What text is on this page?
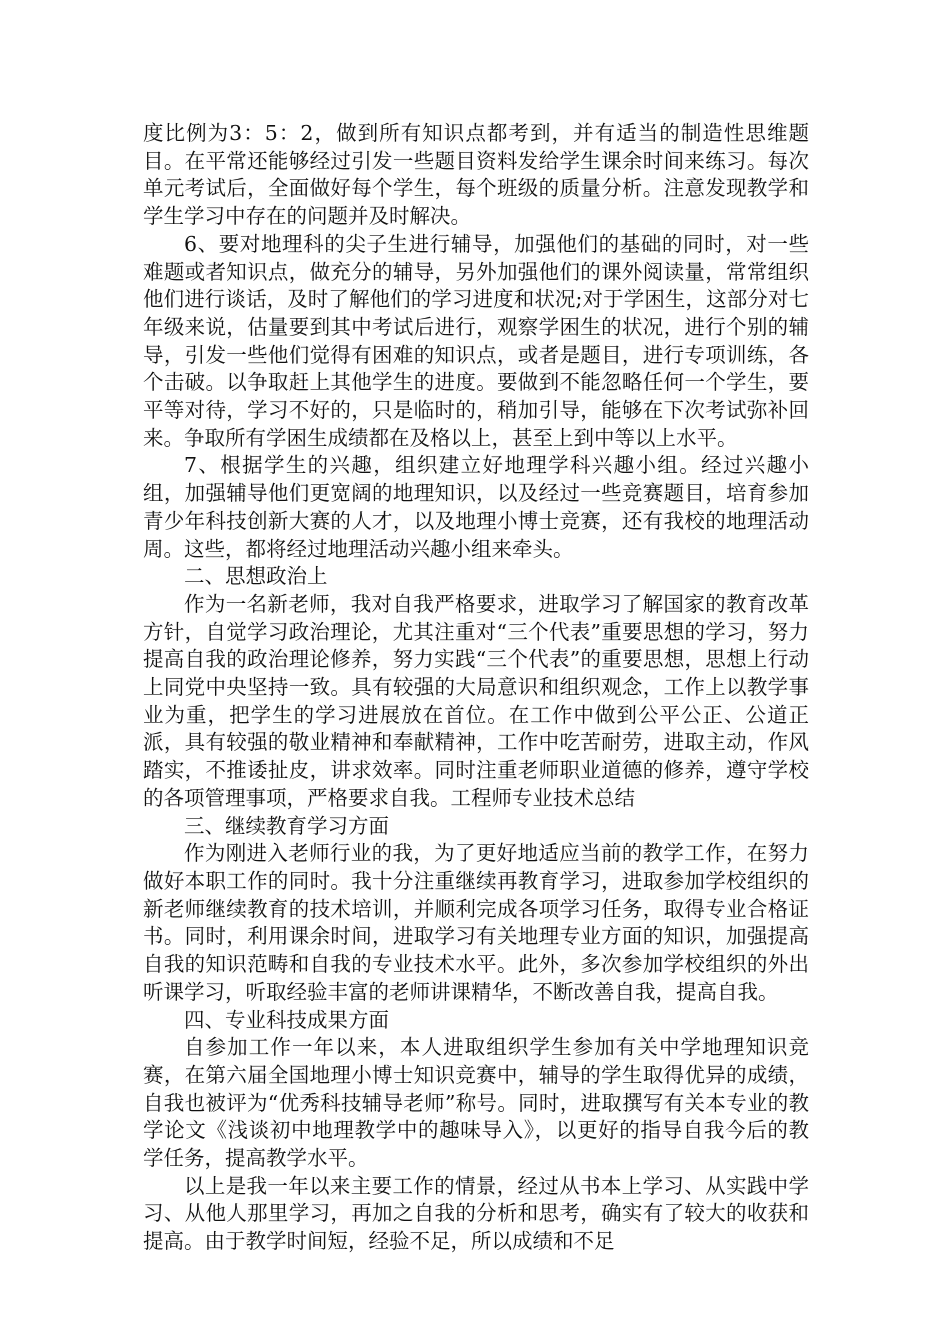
度比例为3：5：2，做到所有知识点都考到，并有适当的制造性思维题目。在平常还能够经过引发一些题目资料发给学生课余时间来练习。每次单元考试后，全面做好每个学生，每个班级的质量分析。注意发现教学和学生学习中存在的问题并及时解决。

6、要对地理科的尖子生进行辅导，加强他们的基础的同时，对一些难题或者知识点，做充分的辅导，另外加强他们的课外阅读量，常常组织他们进行谈话，及时了解他们的学习进度和状况;对于学困生，这部分对七年级来说，估量要到其中考试后进行，观察学困生的状况，进行个别的辅导，引发一些他们觉得有困难的知识点，或者是题目，进行专项训练，各个击破。以争取赶上其他学生的进度。要做到不能忽略任何一个学生，要平等对待，学习不好的，只是临时的，稍加引导，能够在下次考试弥补回来。争取所有学困生成绩都在及格以上，甚至上到中等以上水平。

7、根据学生的兴趣，组织建立好地理学科兴趣小组。经过兴趣小组，加强辅导他们更宽阔的地理知识，以及经过一些竞赛题目，培育参加青少年科技创新大赛的人才，以及地理小博士竞赛，还有我校的地理活动周。这些，都将经过地理活动兴趣小组来牵头。

二、思想政治上

作为一名新老师，我对自我严格要求，进取学习了解国家的教育改革方针，自觉学习政治理论，尤其注重对“三个代表”重要思想的学习，努力提高自我的政治理论修养，努力实践“三个代表”的重要思想，思想上行动上同党中央坚持一致。具有较强的大局意识和组织观念，工作上以教学事业为重，把学生的学习进展放在首位。在工作中做到公平公正、公道正派，具有较强的敬业精神和奉献精神，工作中吃苦耐劳，进取主动，作风踏实，不推诿扯皮，讲求效率。同时注重老师职业道德的修养，遵守学校的各项管理事项，严格要求自我。工程师专业技术总结

三、继续教育学习方面

作为刚进入老师行业的我，为了更好地适应当前的教学工作，在努力做好本职工作的同时。我十分注重继续再教育学习，进取参加学校组织的新老师继续教育的技术培训，并顺利完成各项学习任务，取得专业合格证书。同时，利用课余时间，进取学习有关地理专业方面的知识，加强提高自我的知识范畴和自我的专业技术水平。此外，多次参加学校组织的外出听课学习，听取经验丰富的老师讲课精华，不断改善自我，提高自我。

四、专业科技成果方面

自参加工作一年以来，本人进取组织学生参加有关中学地理知识竞赛，在第六届全国地理小博士知识竞赛中，辅导的学生取得优异的成绩，自我也被评为“优秀科技辅导老师”称号。同时，进取撰写有关本专业的教学论文《浅谈初中地理教学中的趣味导入》，以更好的指导自我今后的教学任务，提高教学水平。

以上是我一年以来主要工作的情景，经过从书本上学习、从实践中学习、从他人那里学习，再加之自我的分析和思考，确实有了较大的收获和提高。由于教学时间短，经验不足，所以成绩和不足
